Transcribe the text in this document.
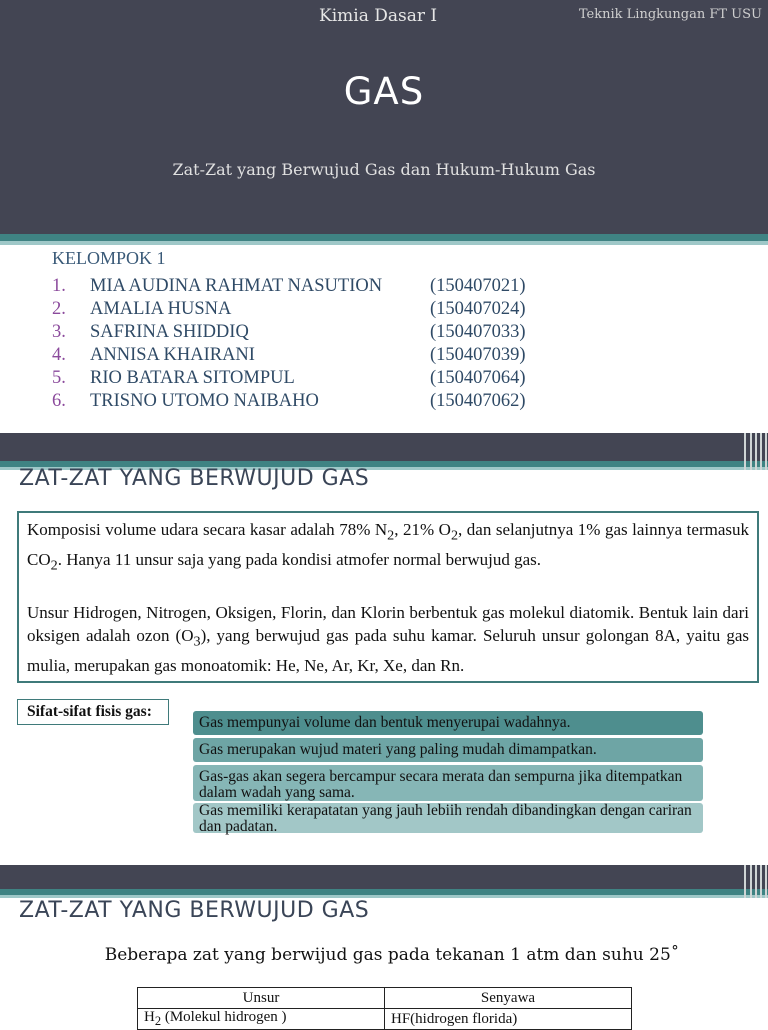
Kimia Dasar I	Teknik Lingkungan FT USU
GAS
Zat-Zat yang Berwujud Gas dan Hukum-Hukum Gas
KELOMPOK 1
1. MIA AUDINA RAHMAT NASUTION	(150407021)
2. AMALIA HUSNA	(150407024)
3. SAFRINA SHIDDIQ	(150407033)
4. ANNISA KHAIRANI	(150407039)
5. RIO BATARA SITOMPUL	(150407064)
6. TRISNO UTOMO NAIBAHO	(150407062)
ZAT-ZAT YANG BERWUJUD GAS

Komposisi volume udara secara kasar adalah 78% $N_2$, 21% $O_2$, dan selanjutnya 1% gas lainnya termasuk $CO_2$. Hanya 11 unsur saja yang pada kondisi atmofer normal berwujud gas.

Unsur Hidrogen, Nitrogen, Oksigen, Florin, dan Klorin berbentuk gas molekul diatomik. Bentuk lain dari oksigen adalah ozon $(O_3)$, yang berwujud gas pada suhu kamar. Seluruh unsur golongan 8A, yaitu gas mulia, merupakan gas monoatomik: He, Ne, Ar, Kr, Xe, dan Rn.

Sifat-sifat fisis gas:
Gas mempunyai volume dan bentuk menyerupai wadahnya.
Gas merupakan wujud materi yang paling mudah dimampatkan.
Gas-gas akan segera bercampur secara merata dan sempurna jika ditempatkan dalam wadah yang sama.
Gas memiliki kerapatatan yang jauh lebiih rendah dibandingkan dengan cariran dan padatan.
ZAT-ZAT YANG BERWUJUD GAS
Beberapa zat yang berwijud gas pada tekanan 1 atm dan suhu 25˚
Unsur	Senyawa
$H_2$ (Molekul hidrogen )	HF(hidrogen florida)
